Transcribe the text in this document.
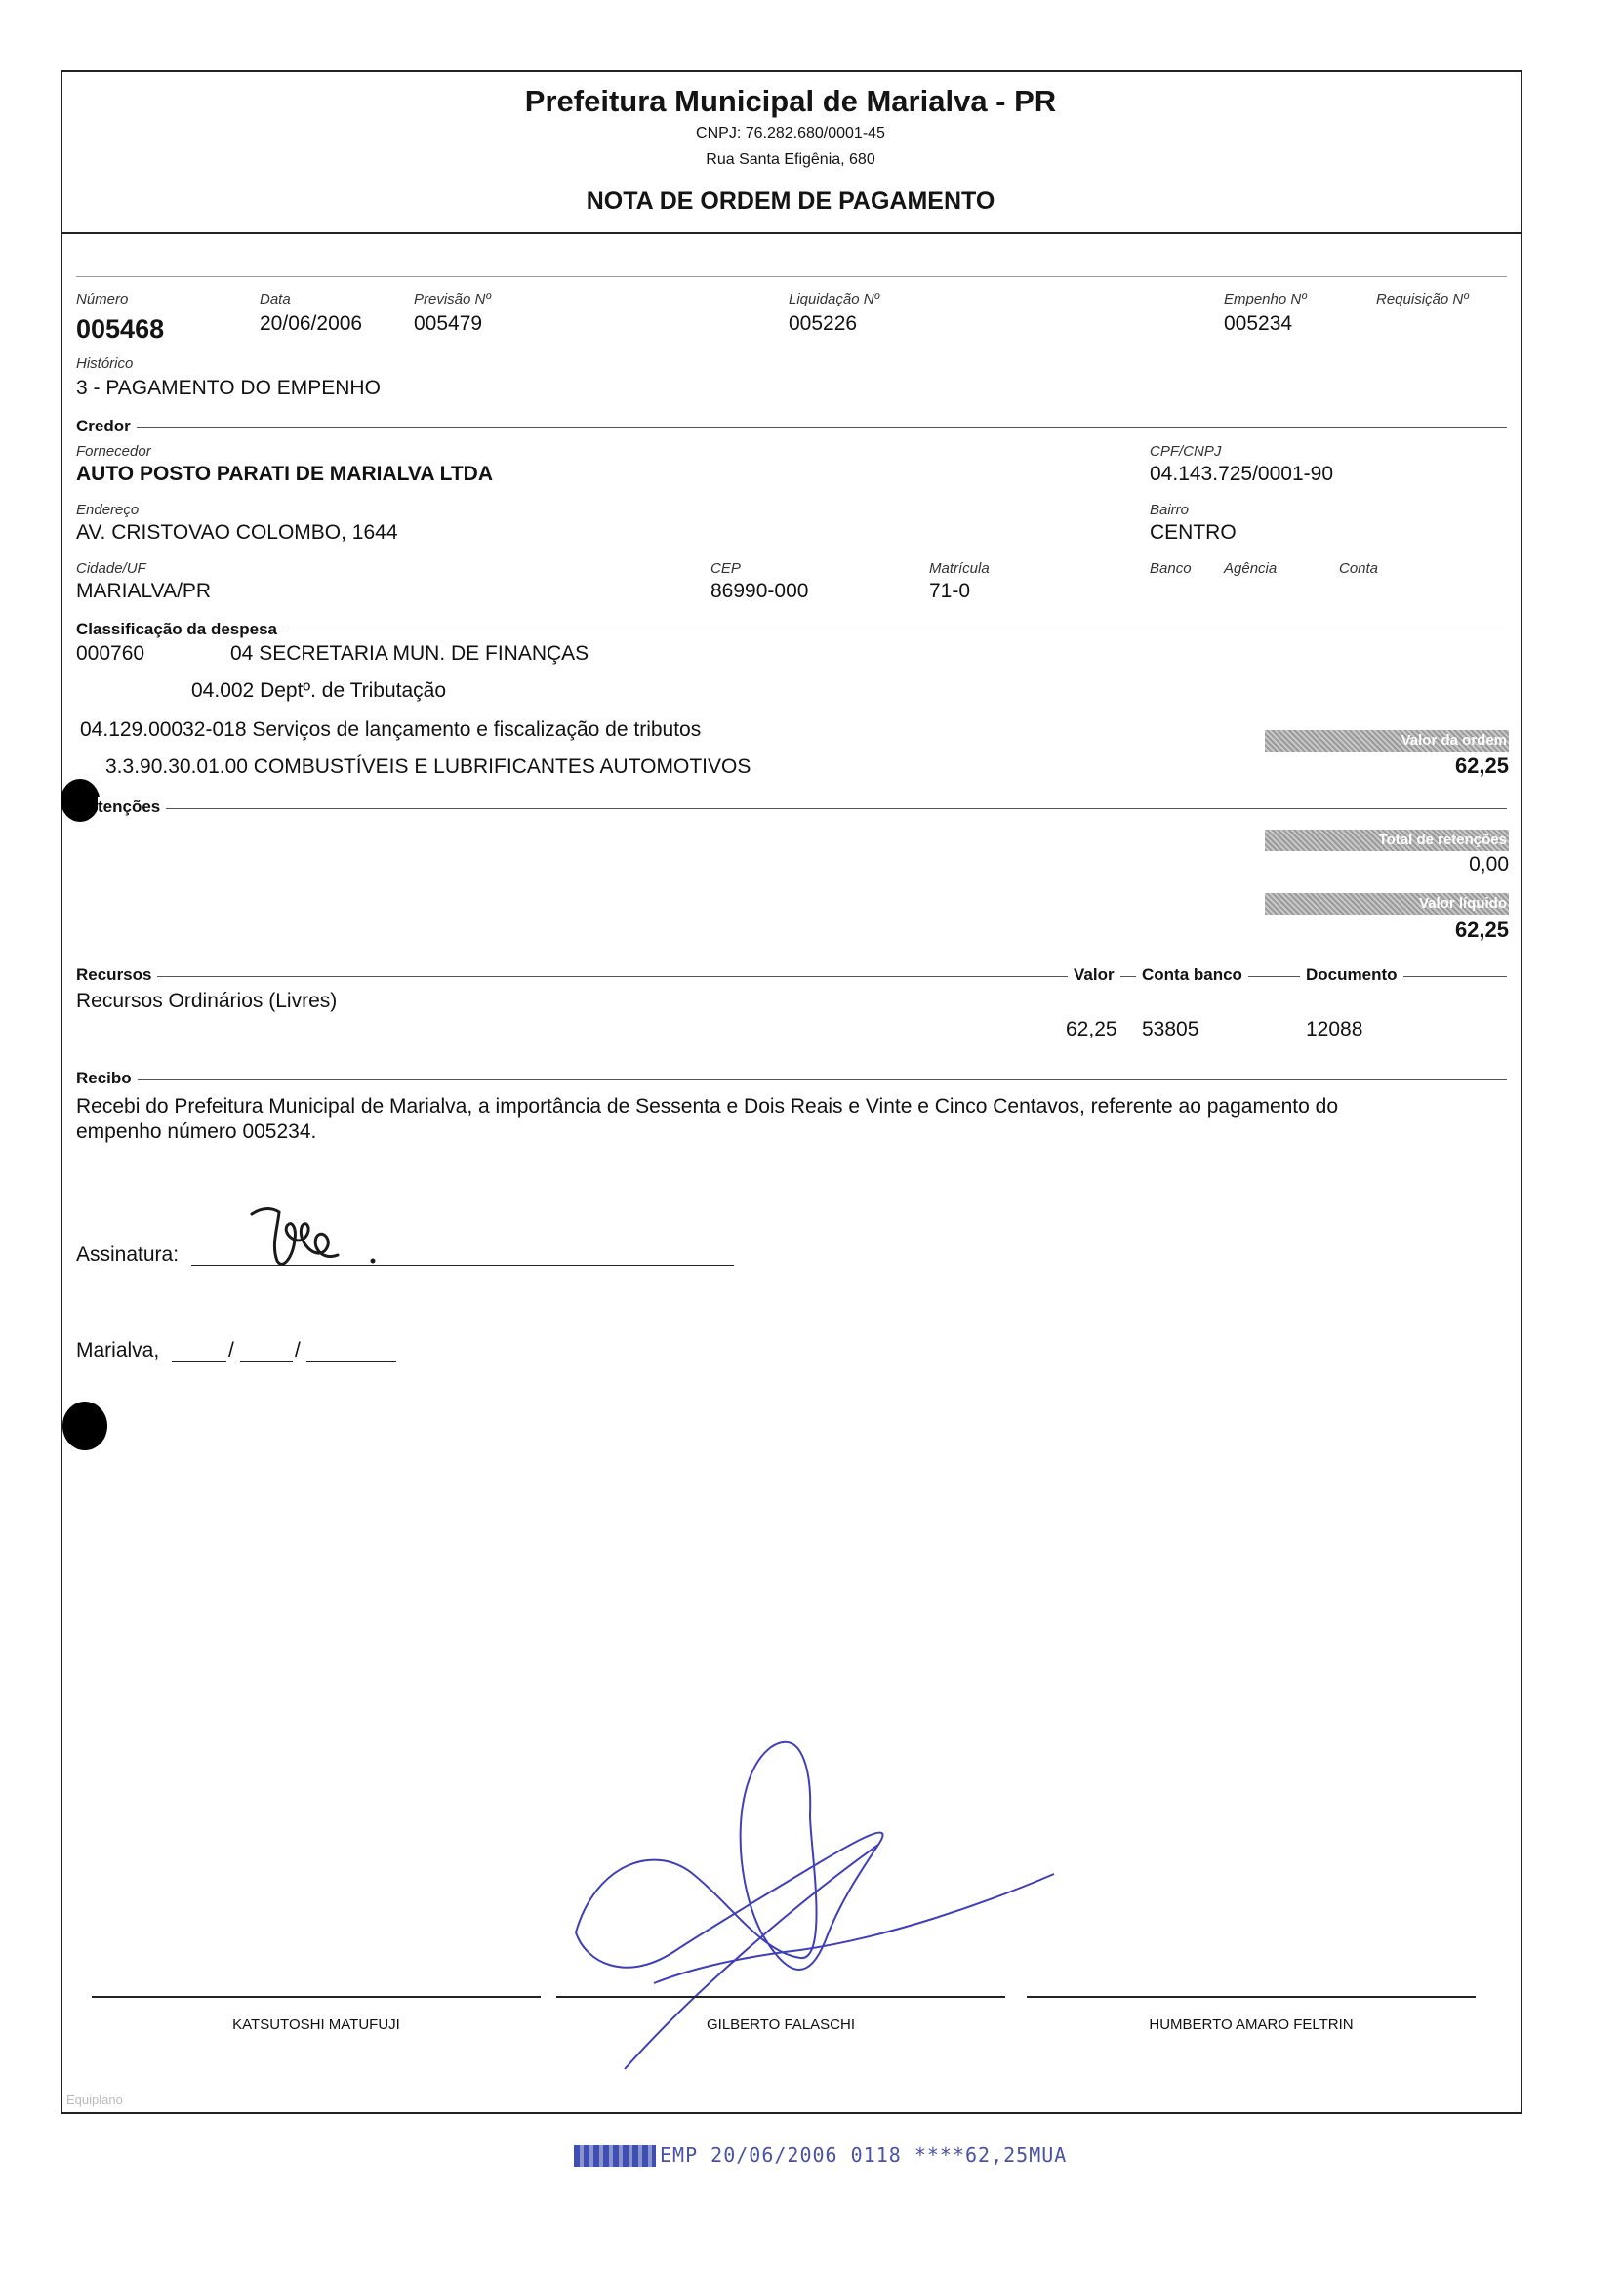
Prefeitura Municipal de Marialva - PR
CNPJ: 76.282.680/0001-45
Rua Santa Efigênia, 680
NOTA DE ORDEM DE PAGAMENTO
Número
005468
Data
20/06/2006
Previsão Nº
005479
Liquidação Nº
005226
Empenho Nº
005234
Requisição Nº
Histórico
3 - PAGAMENTO DO EMPENHO
Credor
Fornecedor
AUTO POSTO PARATI DE MARIALVA LTDA
CPF/CNPJ
04.143.725/0001-90
Endereço
AV. CRISTOVAO COLOMBO, 1644
Bairro
CENTRO
Cidade/UF
MARIALVA/PR
CEP
86990-000
Matrícula
71-0
Banco Agência	Conta
Classificação da despesa
000760	04 SECRETARIA MUN. DE FINANÇAS
04.002 Deptº. de Tributação
04.129.00032-018 Serviços de lançamento e fiscalização de tributos
3.3.90.30.01.00 COMBUSTÍVEIS E LUBRIFICANTES AUTOMOTIVOS
Valor da ordem
62,25
tenções
Total de retenções
0,00
Valor líquido
62,25
Recursos	Valor	Conta banco	Documento
Recursos Ordinários (Livres)
62,25 53805	12088
Recibo
Recebi do Prefeitura Municipal de Marialva, a importância de Sessenta e Dois Reais e Vinte e Cinco Centavos, referente ao pagamento do
empenho número 005234.
Assinatura:
Marialva,	/	/
KATSUTOSHI MATUFUJI	GILBERTO FALASCHI	HUMBERTO AMARO FELTRIN
Equiplano
EMP 20/06/2006 0118 ****62,25MUA
